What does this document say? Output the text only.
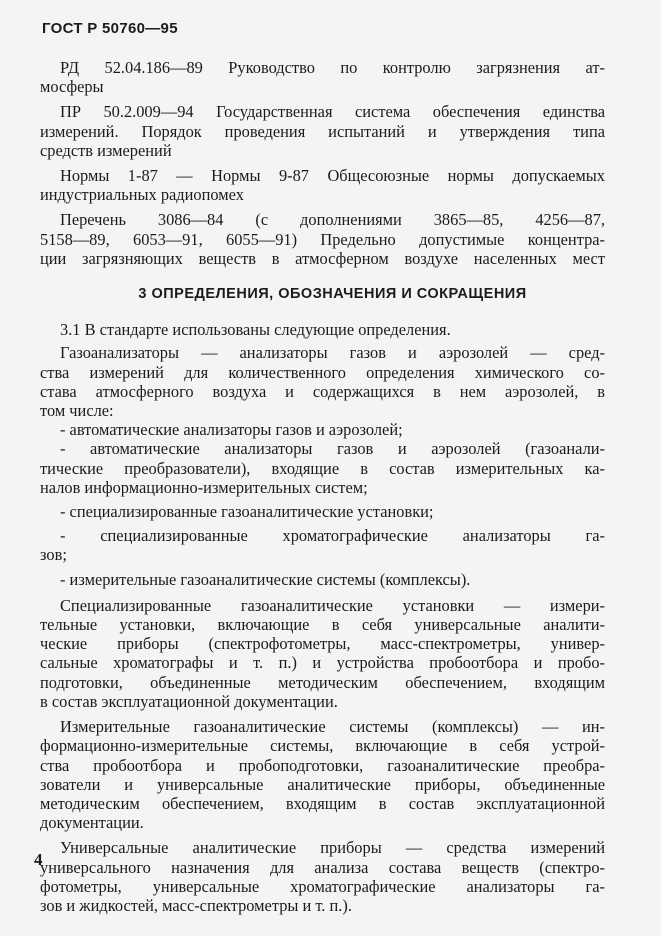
ГОСТ Р 50760—95
РД 52.04.186—89 Руководство по контролю загрязнения ат-
мосферы
ПР 50.2.009—94 Государственная система обеспечения единства
измерений. Порядок проведения испытаний и утверждения типа
средств измерений
Нормы 1-87 — Нормы 9-87 Общесоюзные нормы допускаемых
индустриальных радиопомех
Перечень 3086—84 (с дополнениями 3865—85, 4256—87,
5158—89, 6053—91, 6055—91) Предельно допустимые концентра-
ции загрязняющих веществ в атмосферном воздухе населенных мест
3 ОПРЕДЕЛЕНИЯ, ОБОЗНАЧЕНИЯ И СОКРАЩЕНИЯ
3.1 В стандарте использованы следующие определения.
Газоанализаторы — анализаторы газов и аэрозолей — сред-
ства измерений для количественного определения химического со-
става атмосферного воздуха и содержащихся в нем аэрозолей, в
том числе:
- автоматические анализаторы газов и аэрозолей;
- автоматические анализаторы газов и аэрозолей (газоанали-
тические преобразователи), входящие в состав измерительных ка-
налов информационно-измерительных систем;
- специализированные газоаналитические установки;
- специализированные хроматографические анализаторы га-
зов;
- измерительные газоаналитические системы (комплексы).
Специализированные газоаналитические установки — измери-
тельные установки, включающие в себя универсальные аналити-
ческие приборы (спектрофотометры, масс-спектрометры, универ-
сальные хроматографы и т. п.) и устройства пробоотбора и пробо-
подготовки, объединенные методическим обеспечением, входящим
в состав эксплуатационной документации.
Измерительные газоаналитические системы (комплексы) — ин-
формационно-измерительные системы, включающие в себя устрой-
ства пробоотбора и пробоподготовки, газоаналитические преобра-
зователи и универсальные аналитические приборы, объединенные
методическим обеспечением, входящим в состав эксплуатационной
документации.
Универсальные аналитические приборы — средства измерений
универсального назначения для анализа состава веществ (спектро-
фотометры, универсальные хроматографические анализаторы га-
зов и жидкостей, масс-спектрометры и т. п.).
4
